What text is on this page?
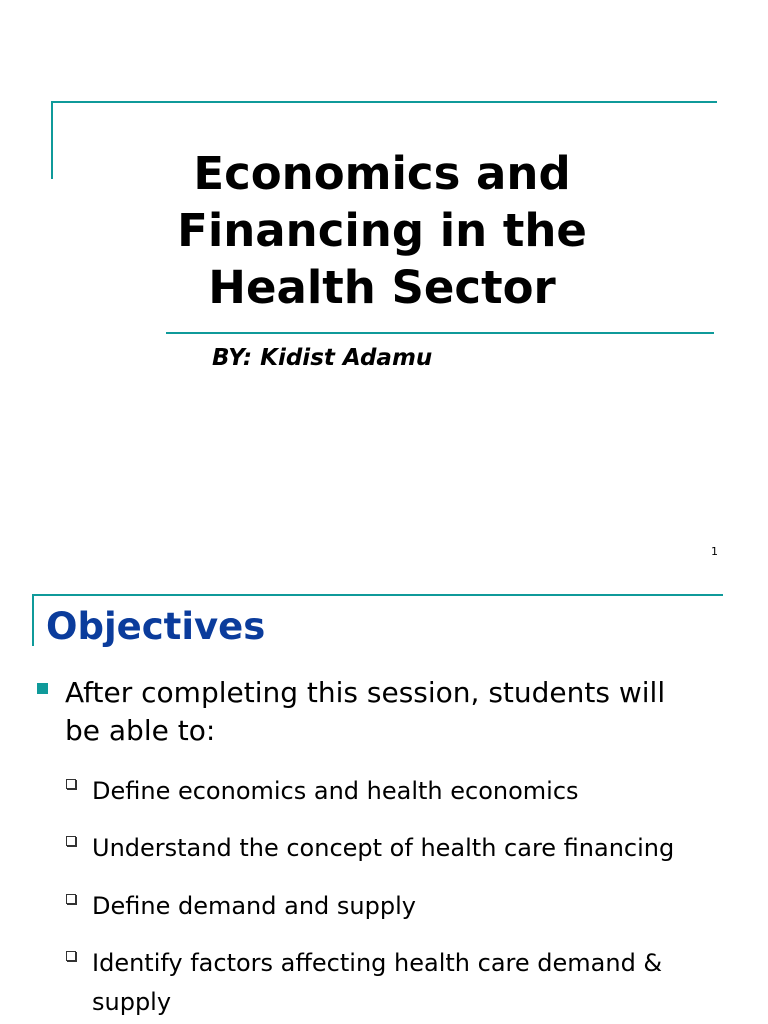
Economics and
Financing in the
Health Sector
BY: Kidist Adamu
1
Objectives
After completing this session, students will
be able to:
Define economics and health economics
Understand the concept of health care financing
Define demand and supply
Identify factors affecting health care demand &
supply
